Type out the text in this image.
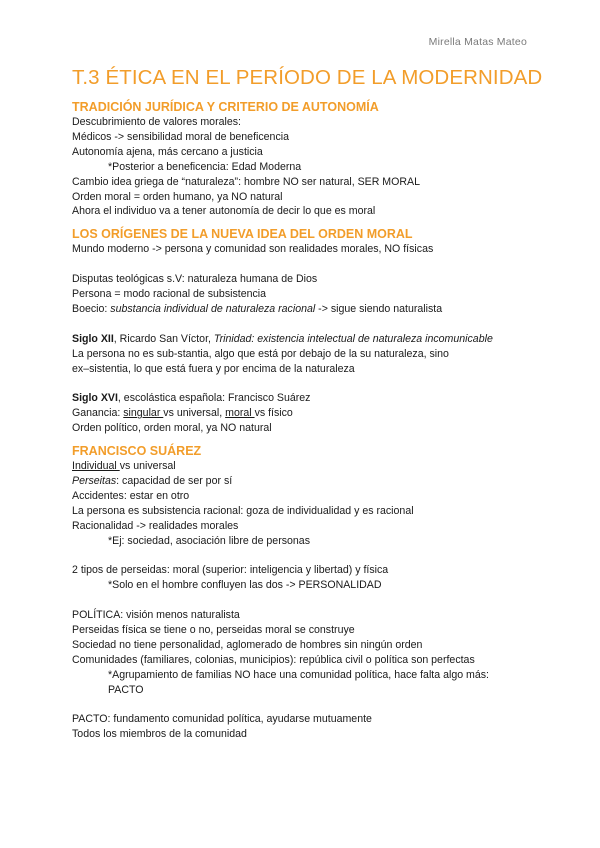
Mirella Matas Mateo
T.3 ÉTICA EN EL PERÍODO DE LA MODERNIDAD

TRADICIÓN JURÍDICA Y CRITERIO DE AUTONOMÍA

Descubrimiento de valores morales:

Médicos -> sensibilidad moral de beneficencia

Autonomía ajena, más cercano a justicia

*Posterior a beneficencia: Edad Moderna

Cambio idea griega de “naturaleza”: hombre NO ser natural, SER MORAL

Orden moral = orden humano, ya NO natural

Ahora el individuo va a tener autonomía de decir lo que es moral

LOS ORÍGENES DE LA NUEVA IDEA DEL ORDEN MORAL

Mundo moderno -> persona y comunidad son realidades morales, NO físicas

Disputas teológicas s.V: naturaleza humana de Dios

Persona = modo racional de subsistencia

Boecio: substancia individual de naturaleza racional -> sigue siendo naturalista

Siglo XII, Ricardo San Víctor, Trinidad: existencia intelectual de naturaleza incomunicable

La persona no es sub-stantia, algo que está por debajo de la su naturaleza, sino

ex–sistentia, lo que está fuera y por encima de la naturaleza

Siglo XVI, escolástica española: Francisco Suárez

Ganancia: singular vs universal, moral vs físico

Orden político, orden moral, ya NO natural

FRANCISCO SUÁREZ

Individual vs universal

Perseitas: capacidad de ser por sí

Accidentes: estar en otro

La persona es subsistencia racional: goza de individualidad y es racional

Racionalidad -> realidades morales

*Ej: sociedad, asociación libre de personas

2 tipos de perseidas: moral (superior: inteligencia y libertad) y física

*Solo en el hombre confluyen las dos -> PERSONALIDAD

POLÍTICA: visión menos naturalista

Perseidas física se tiene o no, perseidas moral se construye

Sociedad no tiene personalidad, aglomerado de hombres sin ningún orden

Comunidades (familiares, colonias, municipios): república civil o política son perfectas

*Agrupamiento de familias NO hace una comunidad política, hace falta algo más:

PACTO

PACTO: fundamento comunidad política, ayudarse mutuamente

Todos los miembros de la comunidad
